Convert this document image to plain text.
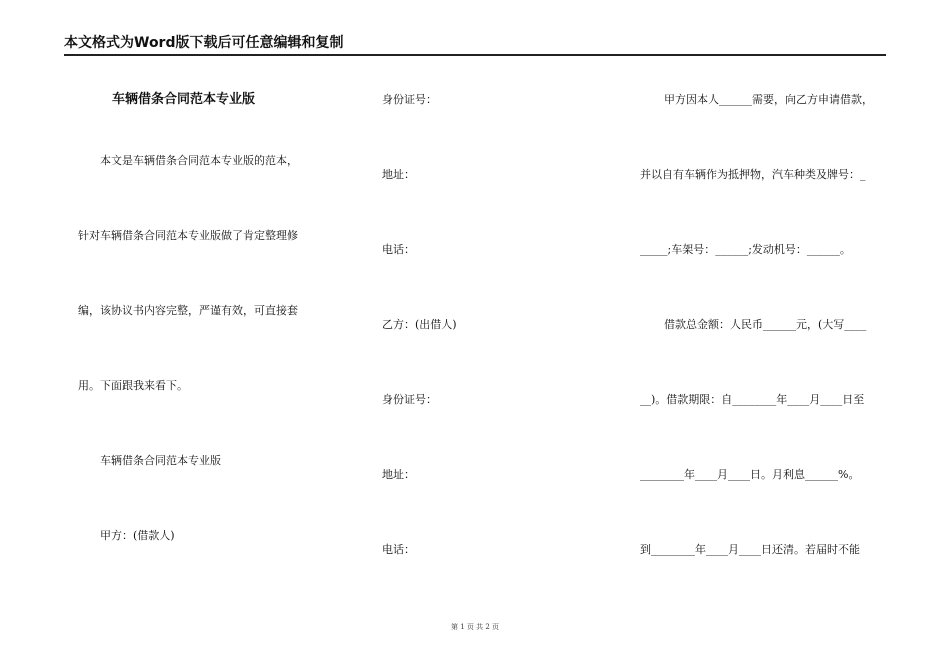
本文格式为Word版下载后可任意编辑和复制
车辆借条合同范本专业版
本文是车辆借条合同范本专业版的范本，
针对车辆借条合同范本专业版做了肯定整理修
编，该协议书内容完整，严谨有效，可直接套
用。下面跟我来看下。
车辆借条合同范本专业版
甲方：(借款人)
身份证号：
地址：
电话：
乙方：(出借人)
身份证号：
地址：
电话：
甲方因本人______需要，向乙方申请借款，
并以自有车辆作为抵押物，汽车种类及牌号：_
_____;车架号：______;发动机号：______。
借款总金额：人民币______元，(大写____
__)。借款期限：自________年____月____日至
________年____月____日。月利息______%。
到________年____月____日还清。若届时不能
第 1 页 共 2 页
